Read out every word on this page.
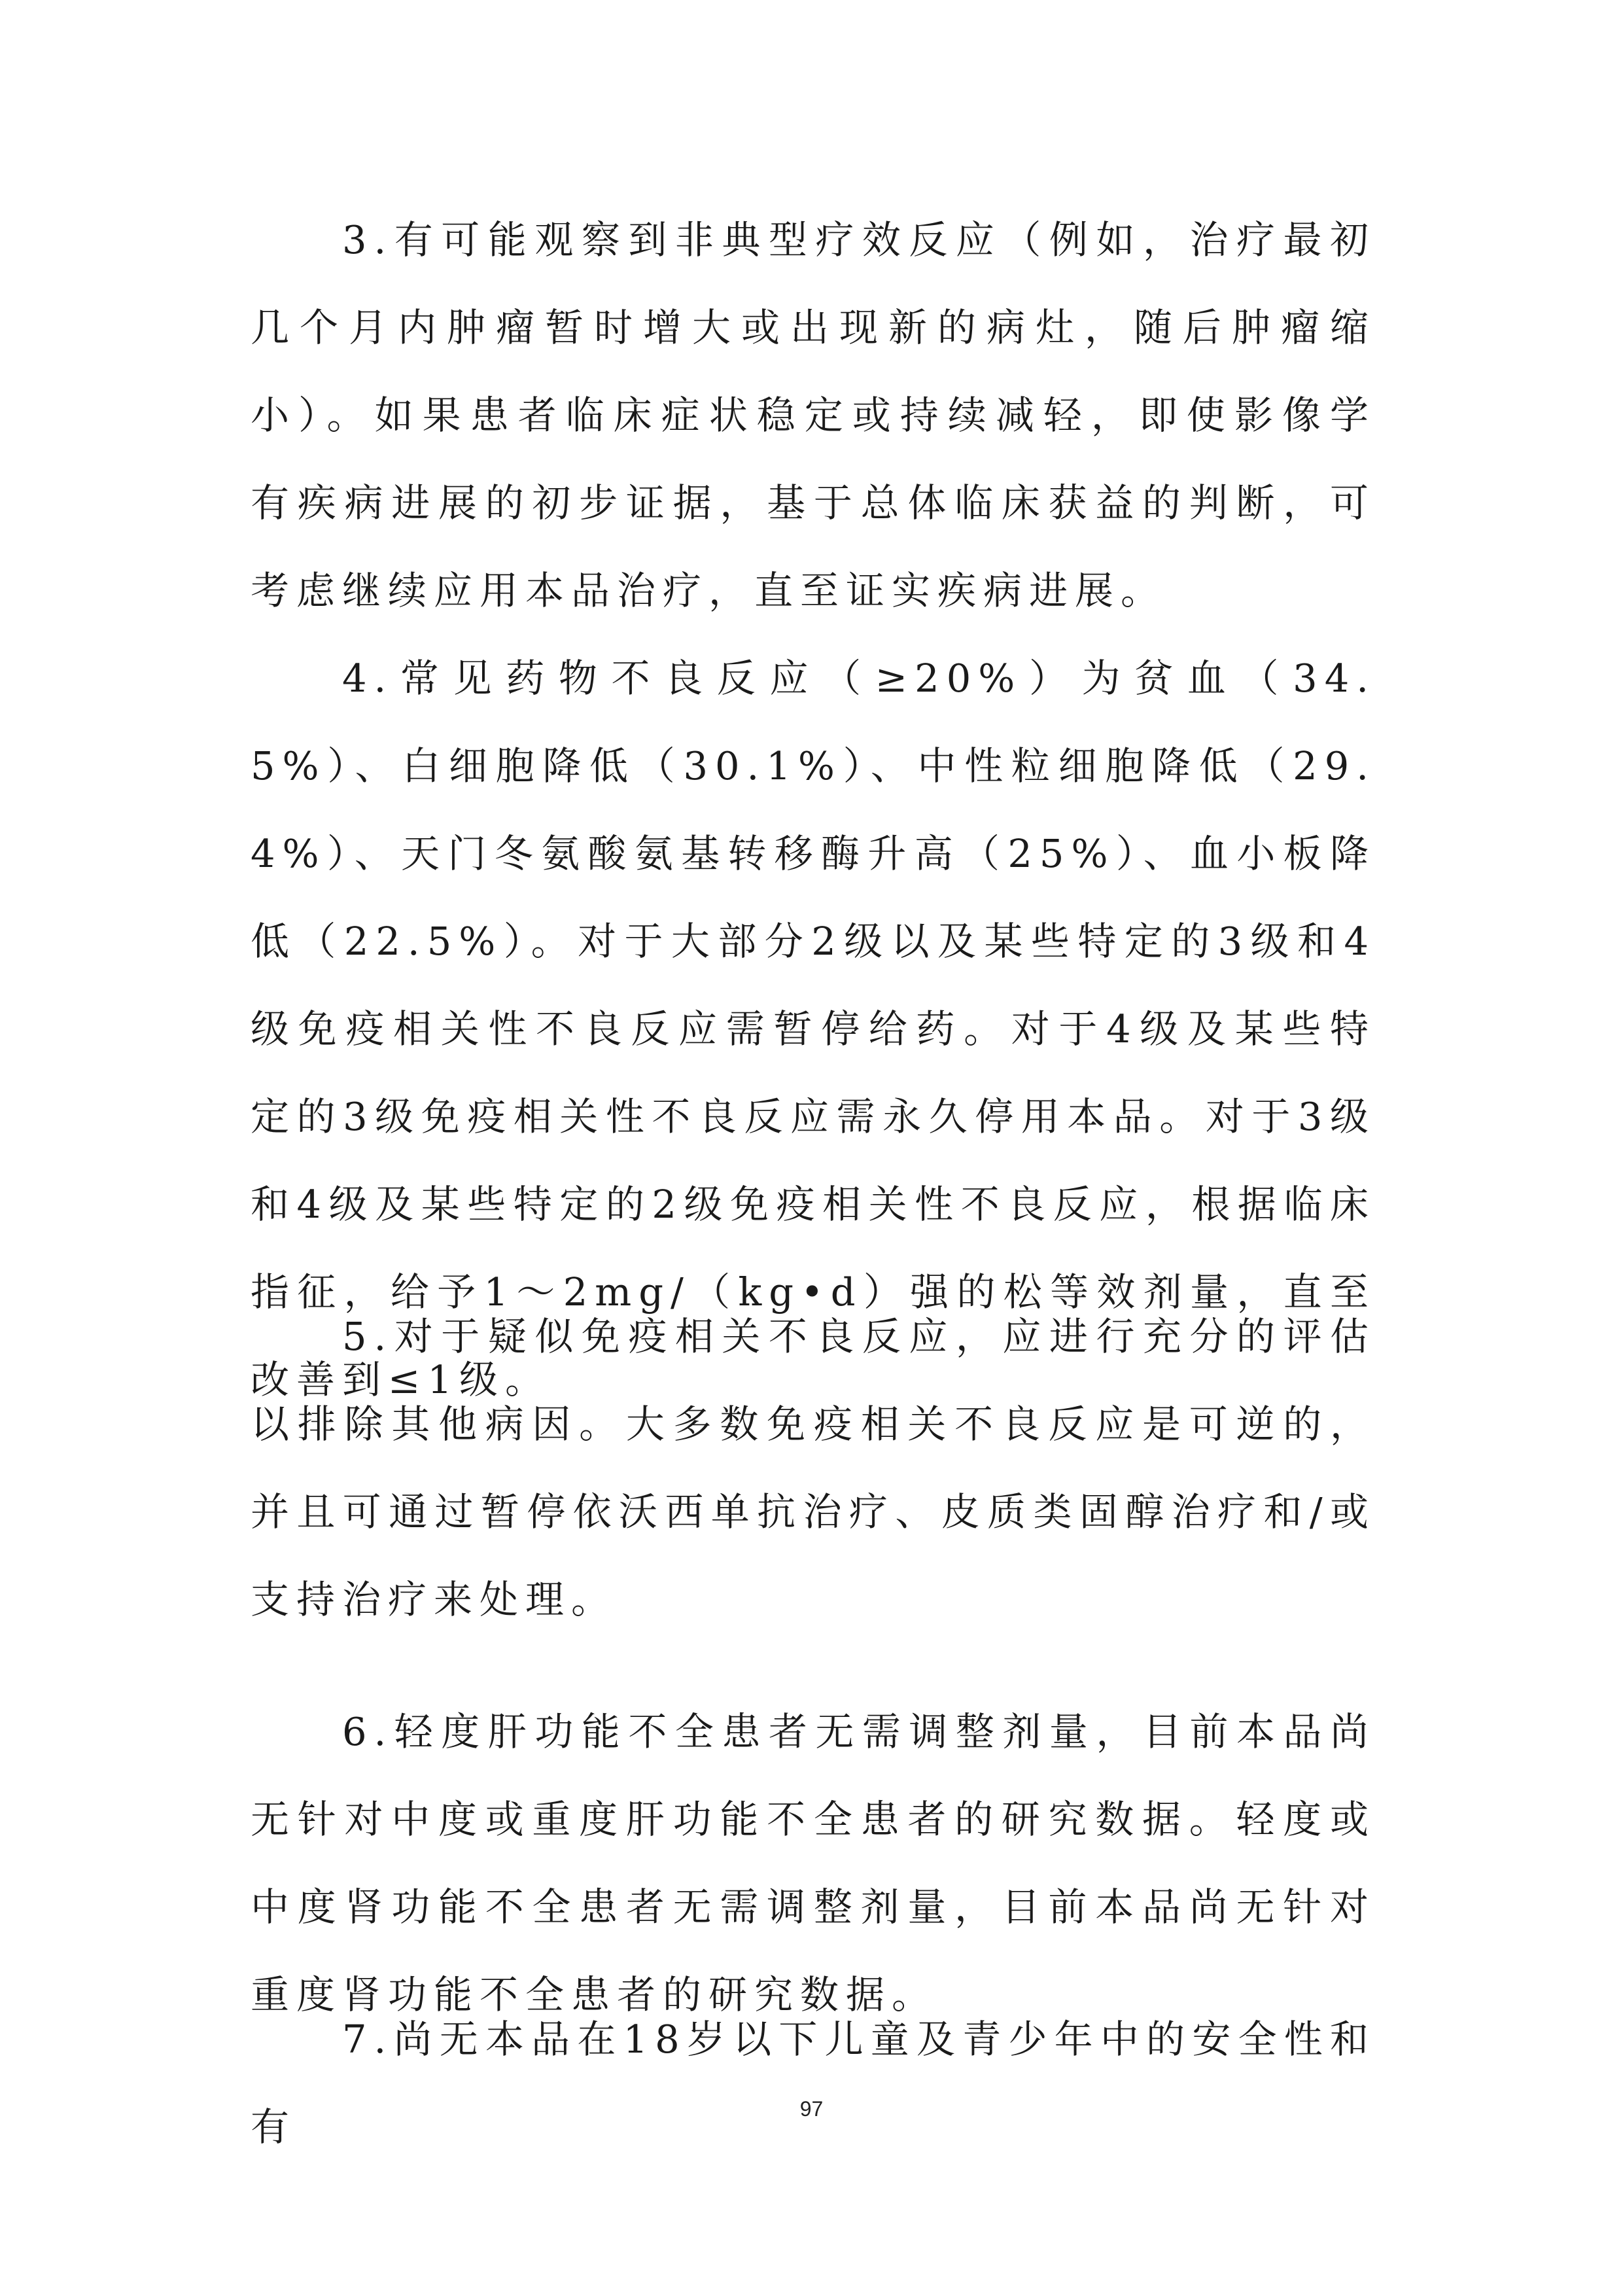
3.有可能观察到非典型疗效反应（例如，治疗最初几个月内肿瘤暂时增大或出现新的病灶，随后肿瘤缩小）。如果患者临床症状稳定或持续减轻，即使影像学有疾病进展的初步证据，基于总体临床获益的判断，可考虑继续应用本品治疗，直至证实疾病进展。

4.常见药物不良反应（≥20%）为贫血（34.5%）、白细胞降低（30.1%）、中性粒细胞降低（29.4%）、天门冬氨酸氨基转移酶升高（25%）、血小板降低（22.5%）。对于大部分2级以及某些特定的3级和4级免疫相关性不良反应需暂停给药。对于4级及某些特定的3级免疫相关性不良反应需永久停用本品。对于3级和4级及某些特定的2级免疫相关性不良反应，根据临床指征，给予1～2mg/（kg•d）强的松等效剂量，直至改善到≤1级。

5.对于疑似免疫相关不良反应，应进行充分的评估以排除其他病因。大多数免疫相关不良反应是可逆的，并且可通过暂停依沃西单抗治疗、皮质类固醇治疗和/或支持治疗来处理。

6.轻度肝功能不全患者无需调整剂量，目前本品尚无针对中度或重度肝功能不全患者的研究数据。轻度或中度肾功能不全患者无需调整剂量，目前本品尚无针对重度肾功能不全患者的研究数据。

7.尚无本品在18岁以下儿童及青少年中的安全性和有	97
